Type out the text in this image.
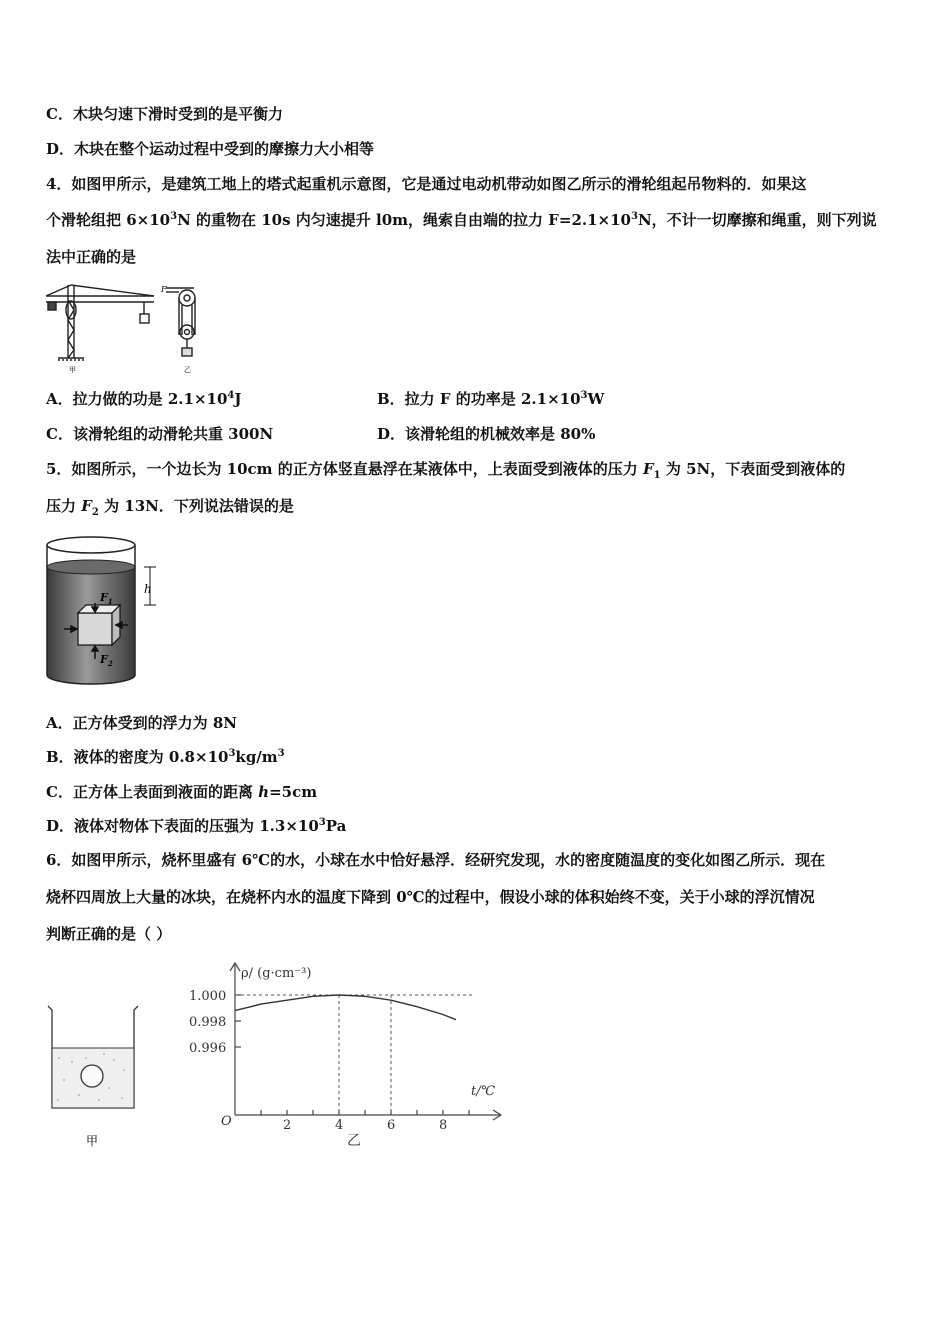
C．木块匀速下滑时受到的是平衡力
D．木块在整个运动过程中受到的摩擦力大小相等
4．如图甲所示，是建筑工地上的塔式起重机示意图，它是通过电动机带动如图乙所示的滑轮组起吊物料的．如果这
个滑轮组把 $6\times 10^3N$ 的重物在 10s 内匀速提升 l0m，绳索自由端的拉力 $F=2.1\times 10^3N$，不计一切摩擦和绳重，则下列说
法中正确的是
F
甲	乙
A．拉力做的功是 $2.1\times 10^4J$	B．拉力 F 的功率是 $2.1\times 10^3W$
C．该滑轮组的动滑轮共重 300N	D．该滑轮组的机械效率是 80%
5．如图所示，一个边长为 10cm 的正方体竖直悬浮在某液体中，上表面受到液体的压力 $F_1$ 为 5N，下表面受到液体的
压力 $F_2$ 为 13N．下列说法错误的是
h
$F_1$
$F_2$
A．正方体受到的浮力为 8N
B．液体的密度为 $0.8\times 10^3kg/m^3$
C．正方体上表面到液面的距离 h=5cm
D．液体对物体下表面的压强为 $1.3\times 10^3Pa$
6．如图甲所示，烧杯里盛有 6℃的水，小球在水中恰好悬浮．经研究发现，水的密度随温度的变化如图乙所示．现在
烧杯四周放上大量的冰块，在烧杯内水的温度下降到 0℃的过程中，假设小球的体积始终不变，关于小球的浮沉情况
判断正确的是（ ）
甲
2	4	6	8
1.000
0.998
0.996
O
t/℃
ρ/ (g·cm⁻³)
乙
